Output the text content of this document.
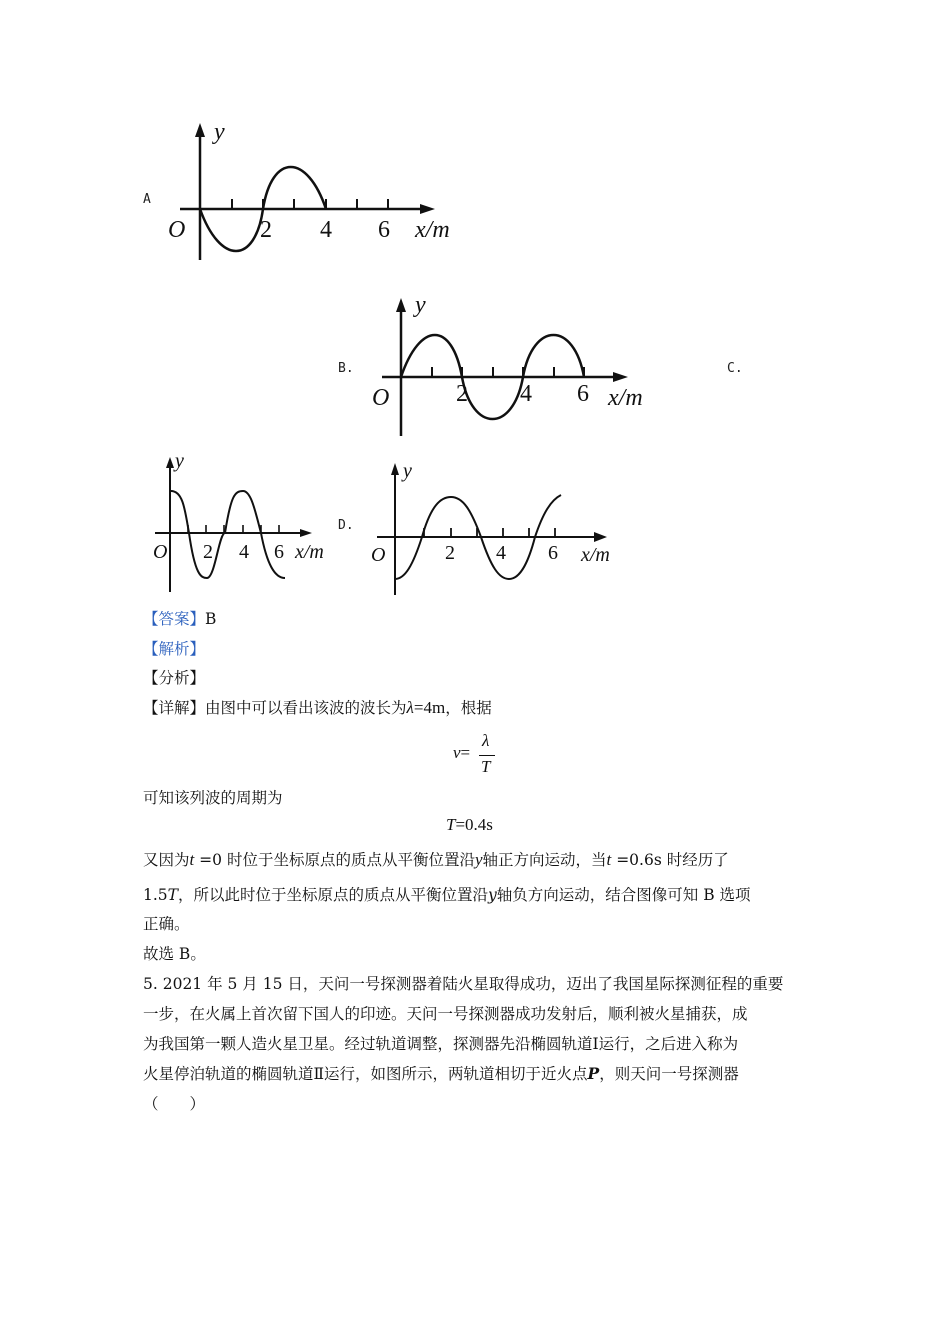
A
y
O	2 4 6 x/m
B.
y
O	2 4 6 x/m
C.
y
O 2 4 6 x/m
D.
y
O	2 4 6 x/m
【答案】B
【解析】
【分析】
【详解】由图中可以看出该波的波长为λ=4m，根据
v=
λ
T
可知该列波的周期为
T=0.4s
又因为t =0 时位于坐标原点的质点从平衡位置沿y轴正方向运动，当t =0.6s 时经历了
1.5T，所以此时位于坐标原点的质点从平衡位置沿y轴负方向运动，结合图像可知 B 选项
正确。
故选 B。
5. 2021 年 5 月 15 日，天问一号探测器着陆火星取得成功，迈出了我国星际探测征程的重要
一步，在火属上首次留下国人的印迹。天问一号探测器成功发射后，顺利被火星捕获，成
为我国第一颗人造火星卫星。经过轨道调整，探测器先沿椭圆轨道Ⅰ运行，之后进入称为
火星停泊轨道的椭圆轨道Ⅱ运行，如图所示，两轨道相切于近火点P，则天问一号探测器
（　　）
